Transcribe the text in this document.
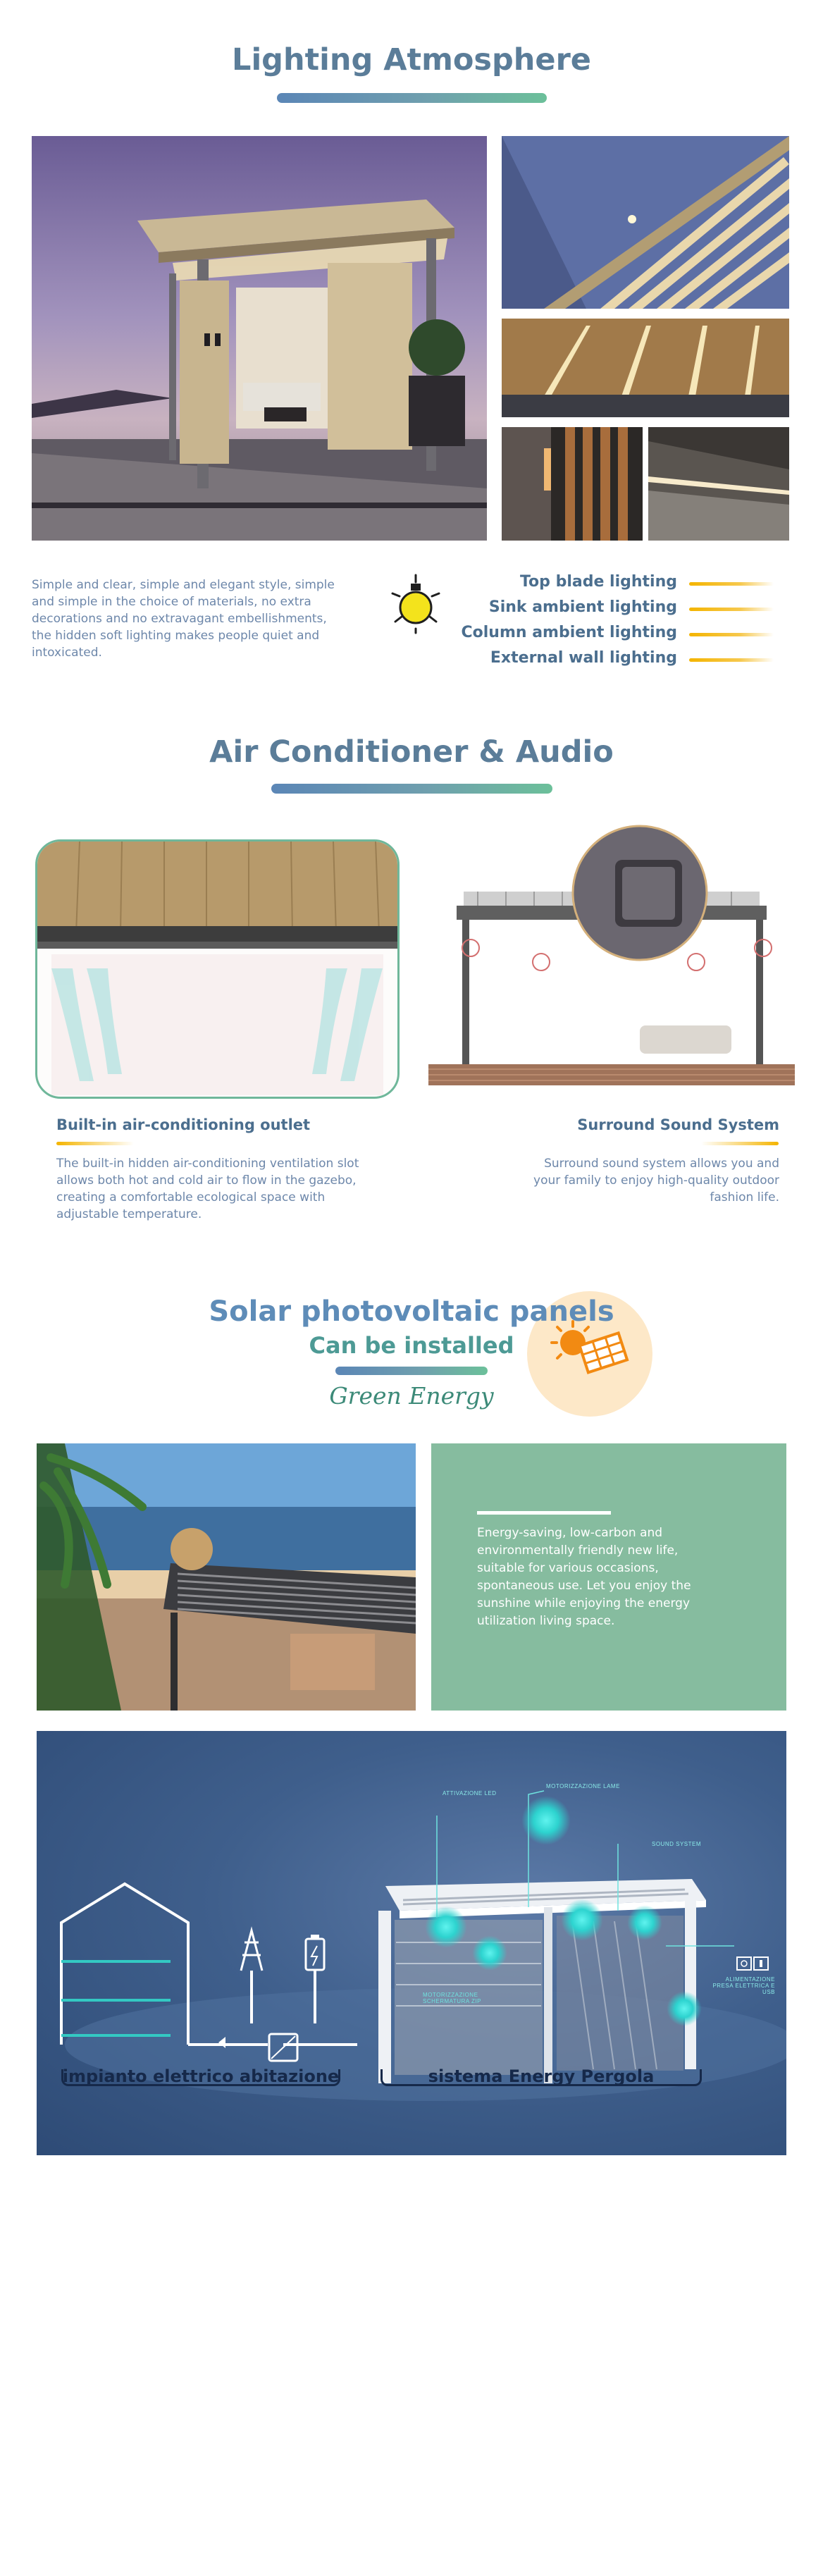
Lighting Atmosphere
Simple and clear, simple and elegant style, simple and simple in the choice of materials, no extra decorations and no extravagant embellishments, the hidden soft lighting makes people quiet and intoxicated.
Top blade lighting
Sink ambient lighting
Column ambient lighting
External wall lighting
Air Conditioner & Audio
Built-in air-conditioning outlet
The built-in hidden air-conditioning ventilation slot allows both hot and cold air to flow in the gazebo, creating a comfortable ecological space with adjustable temperature.
Surround Sound System
Surround sound system allows you and your family to enjoy high-quality outdoor fashion life.
Solar photovoltaic panels
Can be installed
Green Energy
Energy-saving, low-carbon and environmentally friendly new life, suitable for various occasions, spontaneous use. Let you enjoy the sunshine while enjoying the energy utilization living space.
ATTIVAZIONE LED
MOTORIZZAZIONE LAME
SOUND SYSTEM
MOTORIZZAZIONE SCHERMATURA ZIP
ALIMENTAZIONE PRESA ELETTRICA E USB
impianto elettrico abitazione	sistema Energy Pergola
